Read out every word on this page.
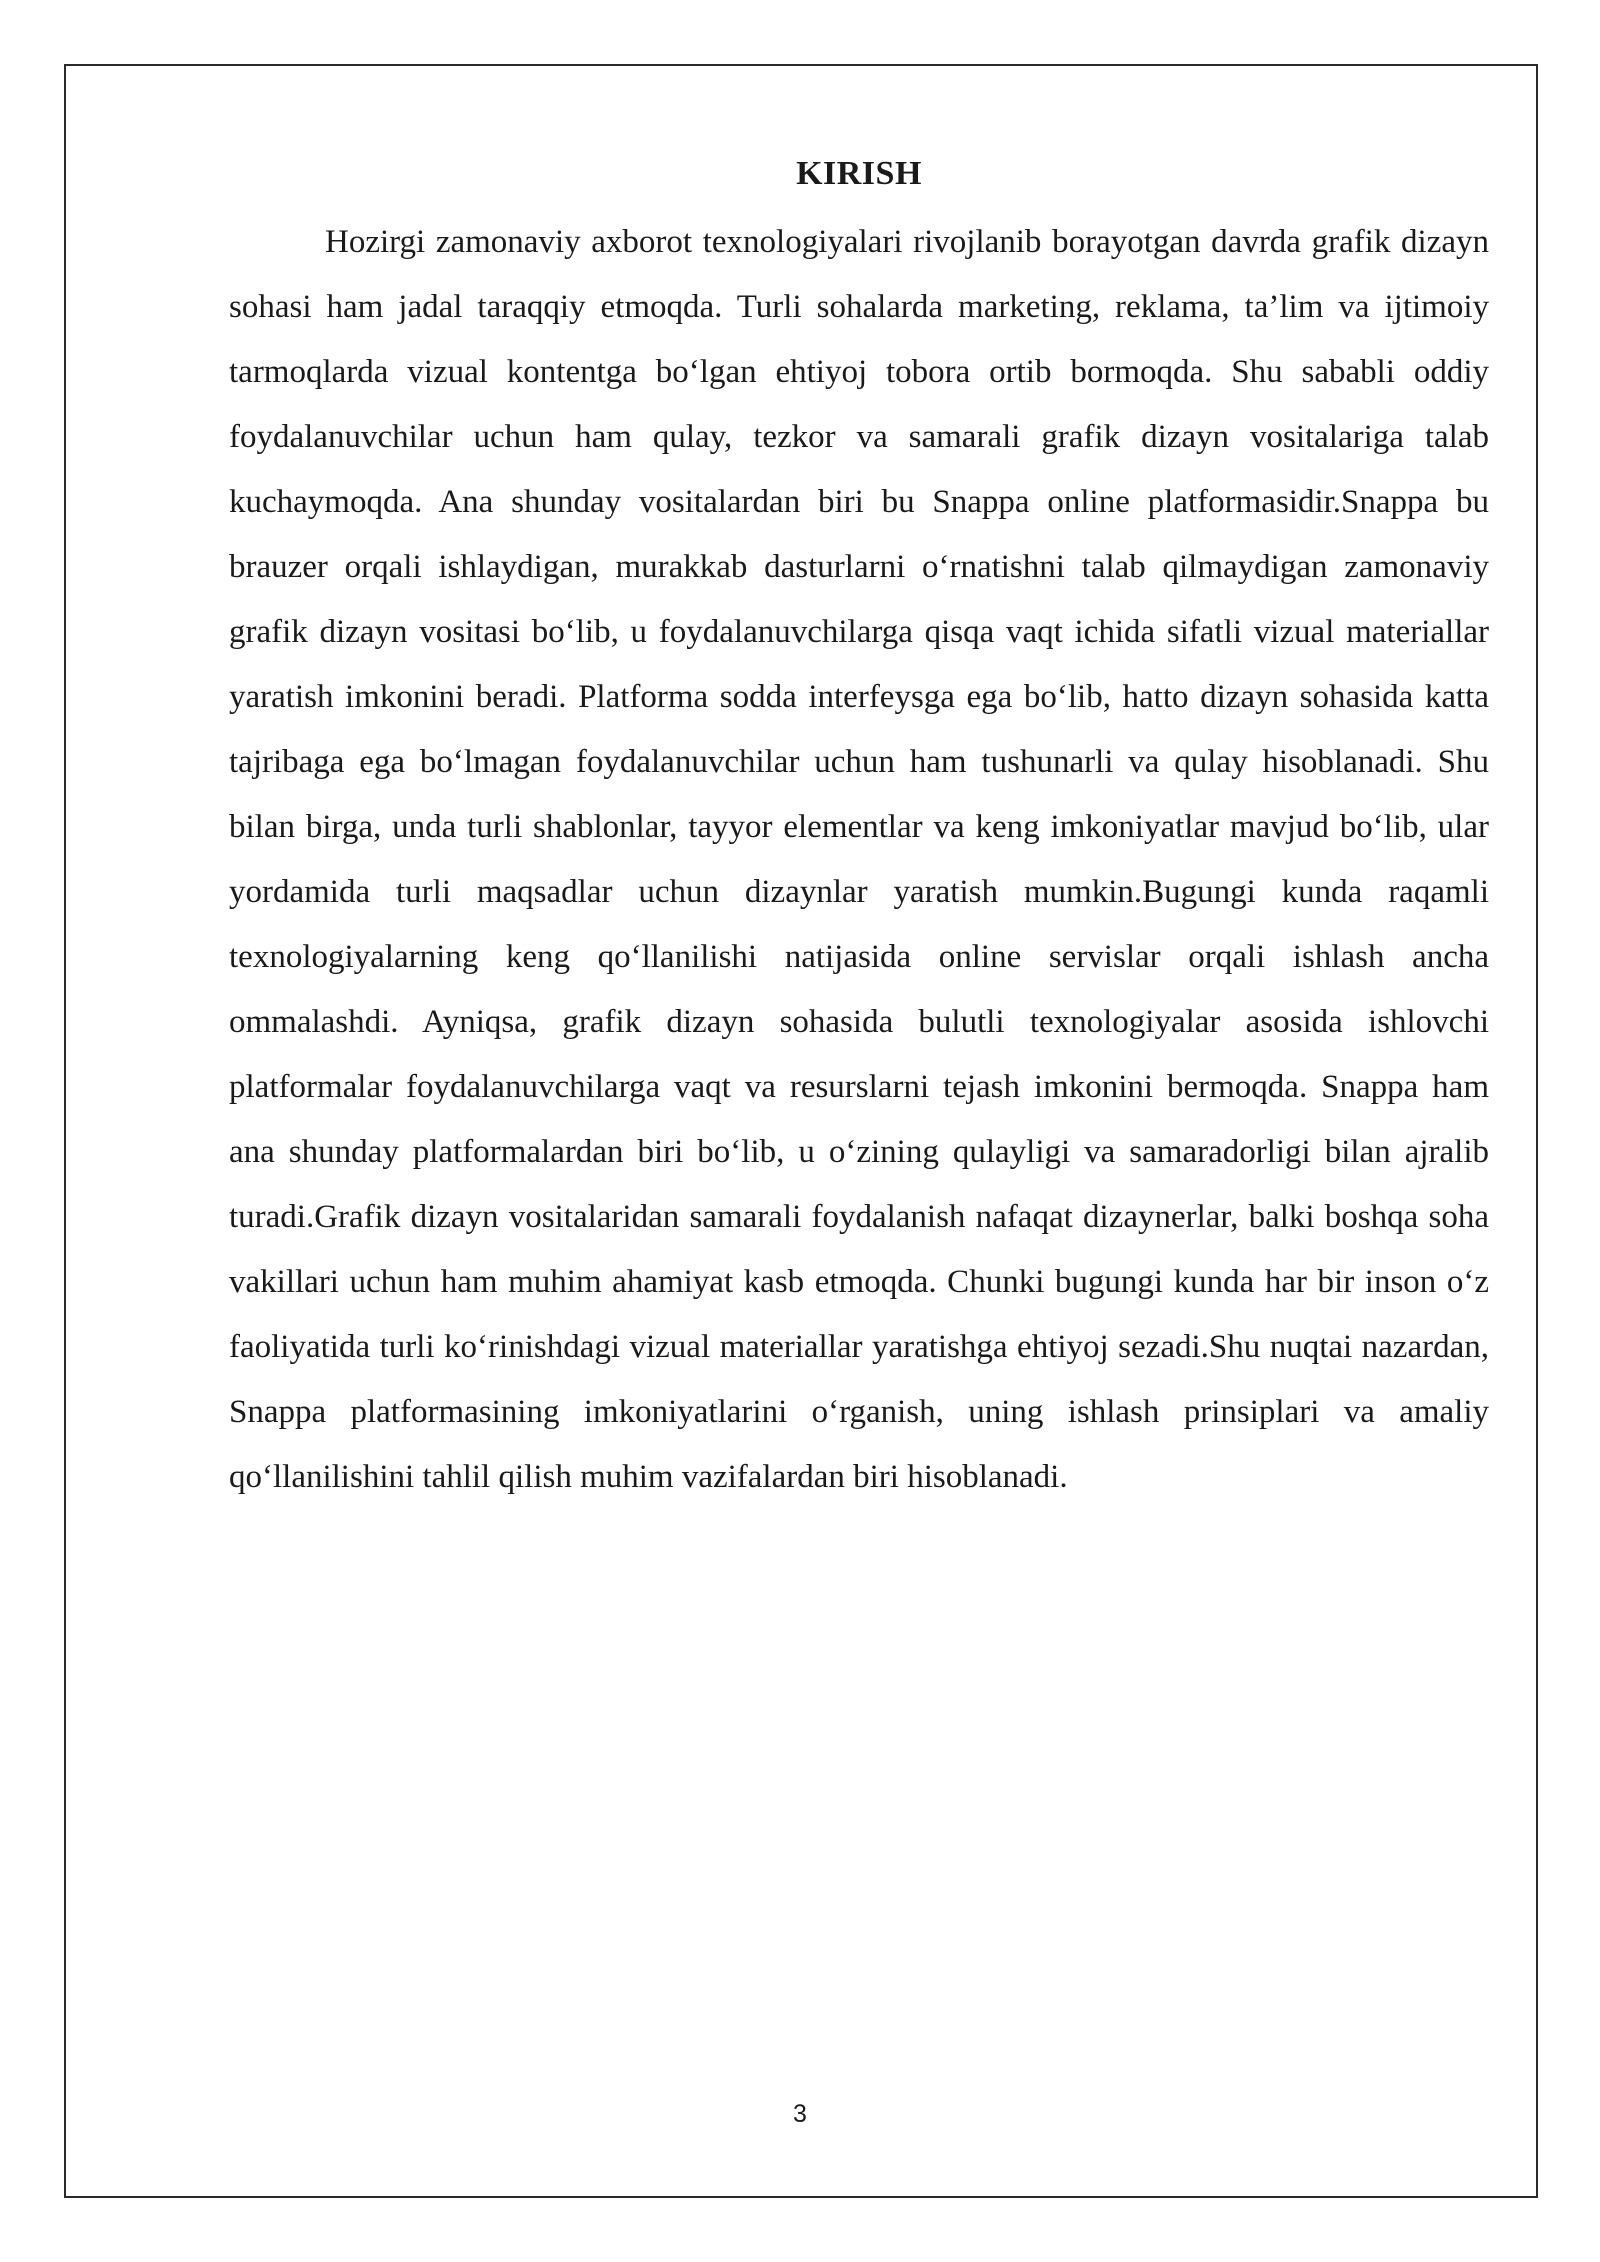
KIRISH

Hozirgi zamonaviy axborot texnologiyalari rivojlanib borayotgan davrda grafik dizayn sohasi ham jadal taraqqiy etmoqda. Turli sohalarda marketing, reklama, ta’lim va ijtimoiy tarmoqlarda vizual kontentga bo‘lgan ehtiyoj tobora ortib bormoqda. Shu sababli oddiy foydalanuvchilar uchun ham qulay, tezkor va samarali grafik dizayn vositalariga talab kuchaymoqda. Ana shunday vositalardan biri bu Snappa online platformasidir.Snappa bu brauzer orqali ishlaydigan, murakkab dasturlarni o‘rnatishni talab qilmaydigan zamonaviy grafik dizayn vositasi bo‘lib, u foydalanuvchilarga qisqa vaqt ichida sifatli vizual materiallar yaratish imkonini beradi. Platforma sodda interfeysga ega bo‘lib, hatto dizayn sohasida katta tajribaga ega bo‘lmagan foydalanuvchilar uchun ham tushunarli va qulay hisoblanadi. Shu bilan birga, unda turli shablonlar, tayyor elementlar va keng imkoniyatlar mavjud bo‘lib, ular yordamida turli maqsadlar uchun dizaynlar yaratish mumkin.Bugungi kunda raqamli texnologiyalarning keng qo‘llanilishi natijasida online servislar orqali ishlash ancha ommalashdi. Ayniqsa, grafik dizayn sohasida bulutli texnologiyalar asosida ishlovchi platformalar foydalanuvchilarga vaqt va resurslarni tejash imkonini bermoqda. Snappa ham ana shunday platformalardan biri bo‘lib, u o‘zining qulayligi va samaradorligi bilan ajralib turadi.Grafik dizayn vositalaridan samarali foydalanish nafaqat dizaynerlar, balki boshqa soha vakillari uchun ham muhim ahamiyat kasb etmoqda. Chunki bugungi kunda har bir inson o‘z faoliyatida turli ko‘rinishdagi vizual materiallar yaratishga ehtiyoj sezadi.Shu nuqtai nazardan, Snappa platformasining imkoniyatlarini o‘rganish, uning ishlash prinsiplari va amaliy qo‘llanilishini tahlil qilish muhim vazifalardan biri hisoblanadi.

3
